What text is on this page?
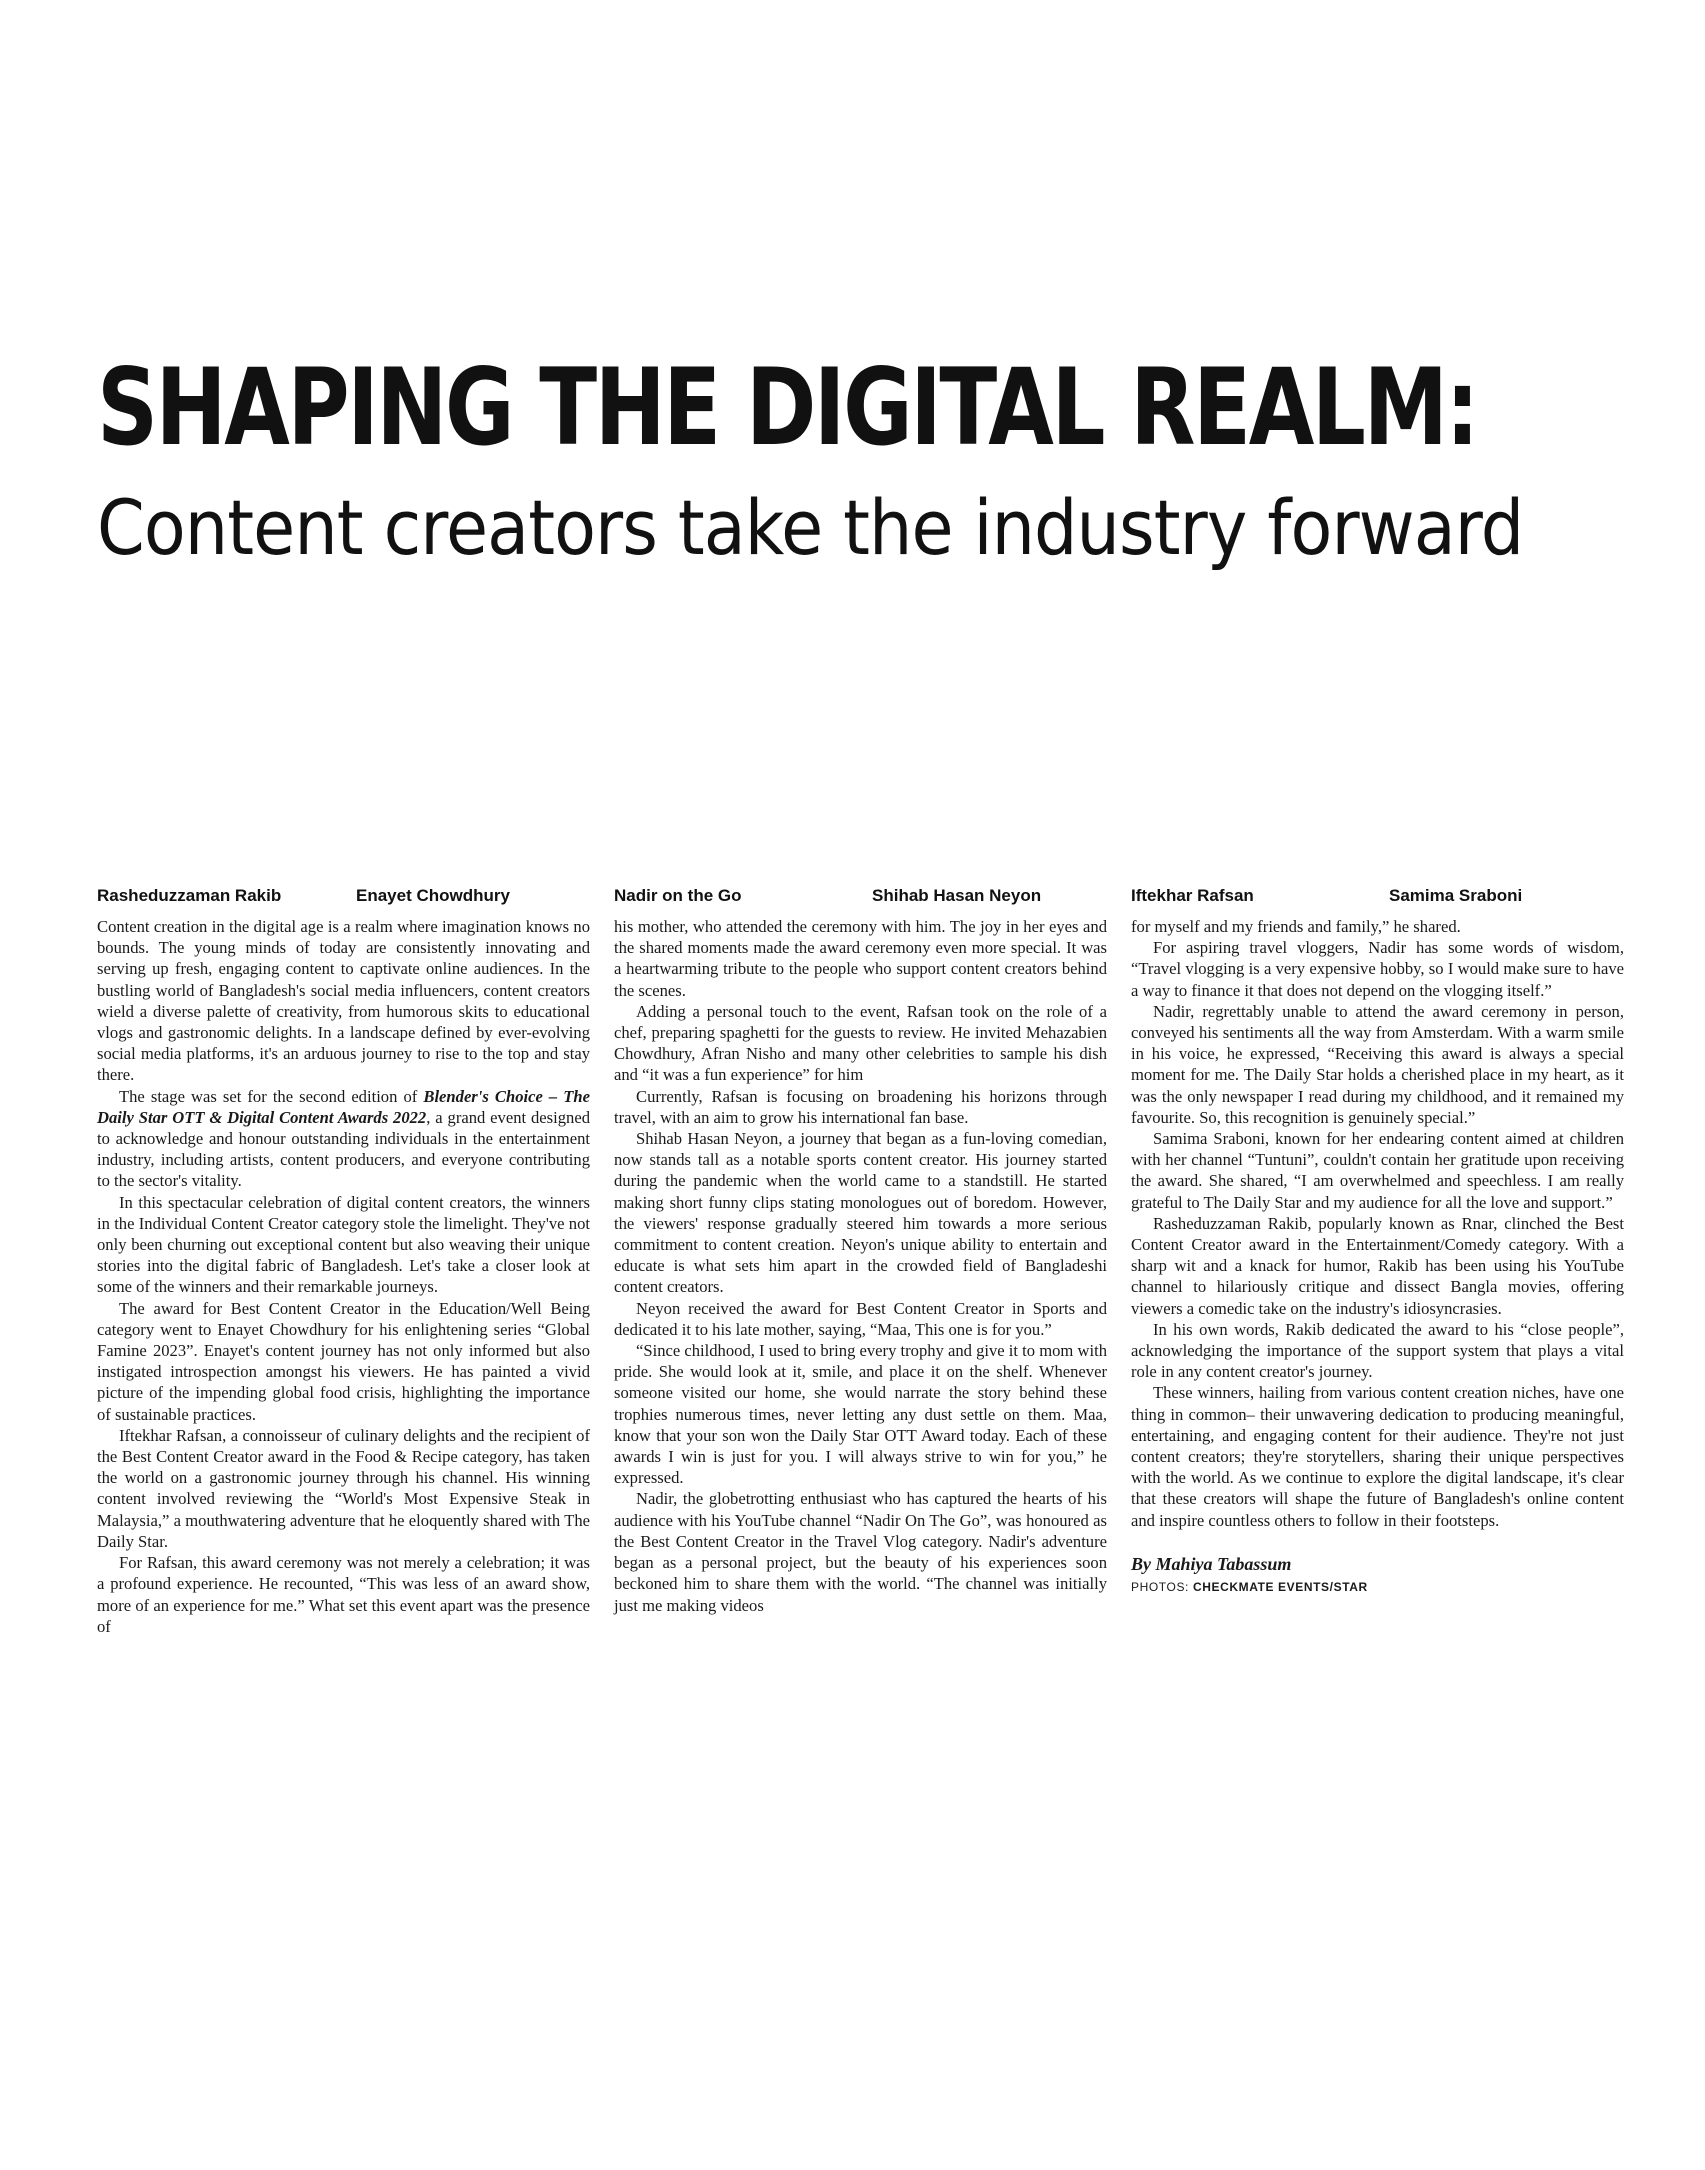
SHAPING THE DIGITAL REALM:
Content creators take the industry forward
Rasheduzzaman Rakib	Enayet Chowdhury	Nadir on the Go	Shihab Hasan Neyon	Iftekhar Rafsan	Samima Sraboni

Content creation in the digital age is a realm where imagination knows no bounds. The young minds of today are consistently innovating and serving up fresh, engaging content to captivate online audiences. In the bustling world of Bangladesh's social media influencers, content creators wield a diverse palette of creativity, from humorous skits to educational vlogs and gastronomic delights. In a landscape defined by ever-evolving social media platforms, it's an arduous journey to rise to the top and stay there.

The stage was set for the second edition of Blender's Choice – The Daily Star OTT & Digital Content Awards 2022, a grand event designed to acknowledge and honour outstanding individuals in the entertainment industry, including artists, content producers, and everyone contributing to the sector's vitality.

In this spectacular celebration of digital content creators, the winners in the Individual Content Creator category stole the limelight. They've not only been churning out exceptional content but also weaving their unique stories into the digital fabric of Bangladesh. Let's take a closer look at some of the winners and their remarkable journeys.

The award for Best Content Creator in the Education/Well Being category went to Enayet Chowdhury for his enlightening series “Global Famine 2023”. Enayet's content journey has not only informed but also instigated introspection amongst his viewers. He has painted a vivid picture of the impending global food crisis, highlighting the importance of sustainable practices.

Iftekhar Rafsan, a connoisseur of culinary delights and the recipient of the Best Content Creator award in the Food & Recipe category, has taken the world on a gastronomic journey through his channel. His winning content involved reviewing the “World's Most Expensive Steak in Malaysia,” a mouthwatering adventure that he eloquently shared with The Daily Star.

For Rafsan, this award ceremony was not merely a celebration; it was a profound experience. He recounted, “This was less of an award show, more of an experience for me.” What set this event apart was the presence of

his mother, who attended the ceremony with him. The joy in her eyes and the shared moments made the award ceremony even more special. It was a heartwarming tribute to the people who support content creators behind the scenes.

Adding a personal touch to the event, Rafsan took on the role of a chef, preparing spaghetti for the guests to review. He invited Mehazabien Chowdhury, Afran Nisho and many other celebrities to sample his dish and “it was a fun experience” for him

Currently, Rafsan is focusing on broadening his horizons through travel, with an aim to grow his international fan base.

Shihab Hasan Neyon, a journey that began as a fun-loving comedian, now stands tall as a notable sports content creator. His journey started during the pandemic when the world came to a standstill. He started making short funny clips stating monologues out of boredom. However, the viewers' response gradually steered him towards a more serious commitment to content creation. Neyon's unique ability to entertain and educate is what sets him apart in the crowded field of Bangladeshi content creators.

Neyon received the award for Best Content Creator in Sports and dedicated it to his late mother, saying, “Maa, This one is for you.”

“Since childhood, I used to bring every trophy and give it to mom with pride. She would look at it, smile, and place it on the shelf. Whenever someone visited our home, she would narrate the story behind these trophies numerous times, never letting any dust settle on them. Maa, know that your son won the Daily Star OTT Award today. Each of these awards I win is just for you. I will always strive to win for you,” he expressed.

Nadir, the globetrotting enthusiast who has captured the hearts of his audience with his YouTube channel “Nadir On The Go”, was honoured as the Best Content Creator in the Travel Vlog category. Nadir's adventure began as a personal project, but the beauty of his experiences soon beckoned him to share them with the world. “The channel was initially just me making videos

for myself and my friends and family,” he shared.

For aspiring travel vloggers, Nadir has some words of wisdom, “Travel vlogging is a very expensive hobby, so I would make sure to have a way to finance it that does not depend on the vlogging itself.”

Nadir, regrettably unable to attend the award ceremony in person, conveyed his sentiments all the way from Amsterdam. With a warm smile in his voice, he expressed, “Receiving this award is always a special moment for me. The Daily Star holds a cherished place in my heart, as it was the only newspaper I read during my childhood, and it remained my favourite. So, this recognition is genuinely special.”

Samima Sraboni, known for her endearing content aimed at children with her channel “Tuntuni”, couldn't contain her gratitude upon receiving the award. She shared, “I am overwhelmed and speechless. I am really grateful to The Daily Star and my audience for all the love and support.”

Rasheduzzaman Rakib, popularly known as Rnar, clinched the Best Content Creator award in the Entertainment/Comedy category. With a sharp wit and a knack for humor, Rakib has been using his YouTube channel to hilariously critique and dissect Bangla movies, offering viewers a comedic take on the industry's idiosyncrasies.

In his own words, Rakib dedicated the award to his “close people”, acknowledging the importance of the support system that plays a vital role in any content creator's journey.

These winners, hailing from various content creation niches, have one thing in common– their unwavering dedication to producing meaningful, entertaining, and engaging content for their audience. They're not just content creators; they're storytellers, sharing their unique perspectives with the world. As we continue to explore the digital landscape, it's clear that these creators will shape the future of Bangladesh's online content and inspire countless others to follow in their footsteps.

By Mahiya Tabassum
PHOTOS: CHECKMATE EVENTS/STAR
